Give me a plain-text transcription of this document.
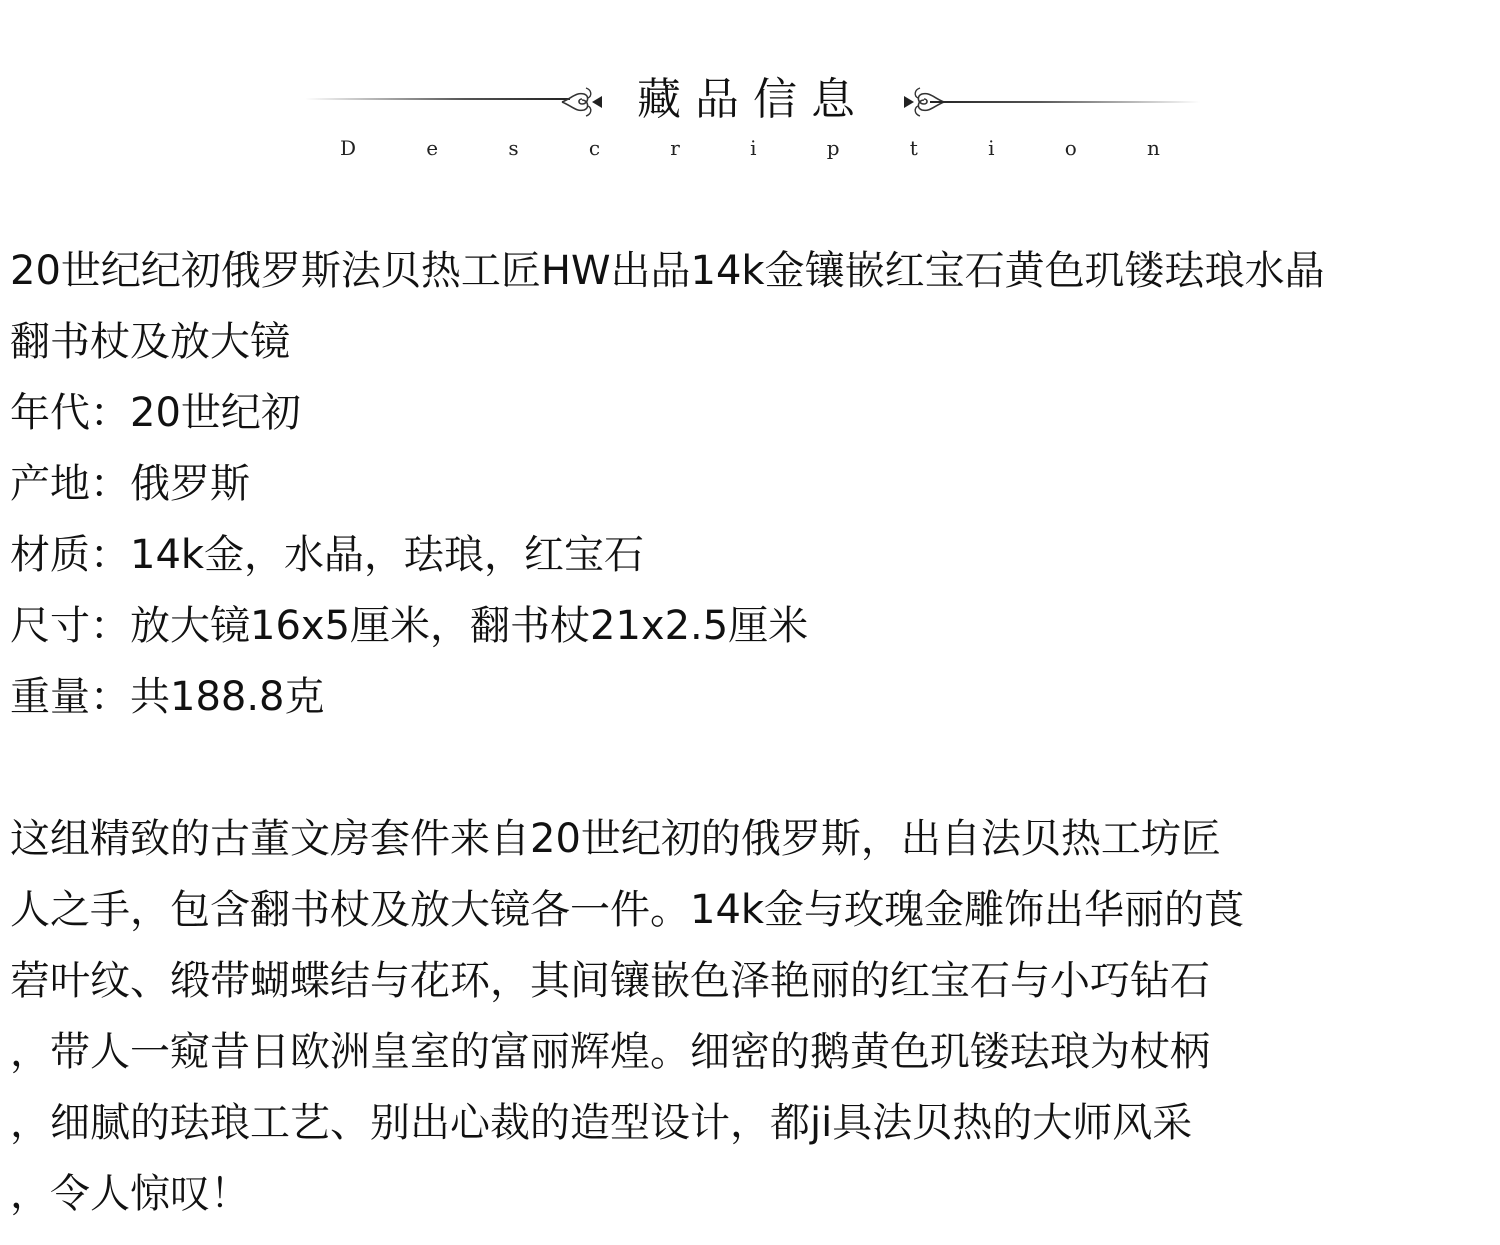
藏品信息
D	e	s	c	r	i	p	t	i	o	n
20世纪纪初俄罗斯法贝热工匠HW出品14k金镶嵌红宝石黄色玑镂珐琅水晶
翻书杖及放大镜
年代：20世纪初
产地：俄罗斯
材质：14k金，水晶，珐琅，红宝石
尺寸：放大镜16x5厘米，翻书杖21x2.5厘米
重量：共188.8克
这组精致的古董文房套件来自20世纪初的俄罗斯，出自法贝热工坊匠
人之手，包含翻书杖及放大镜各一件。14k金与玫瑰金雕饰出华丽的莨
菪叶纹、缎带蝴蝶结与花环，其间镶嵌色泽艳丽的红宝石与小巧钻石
，带人一窥昔日欧洲皇室的富丽辉煌。细密的鹅黄色玑镂珐琅为杖柄
，细腻的珐琅工艺、别出心裁的造型设计，都ji具法贝热的大师风采
，令人惊叹！
